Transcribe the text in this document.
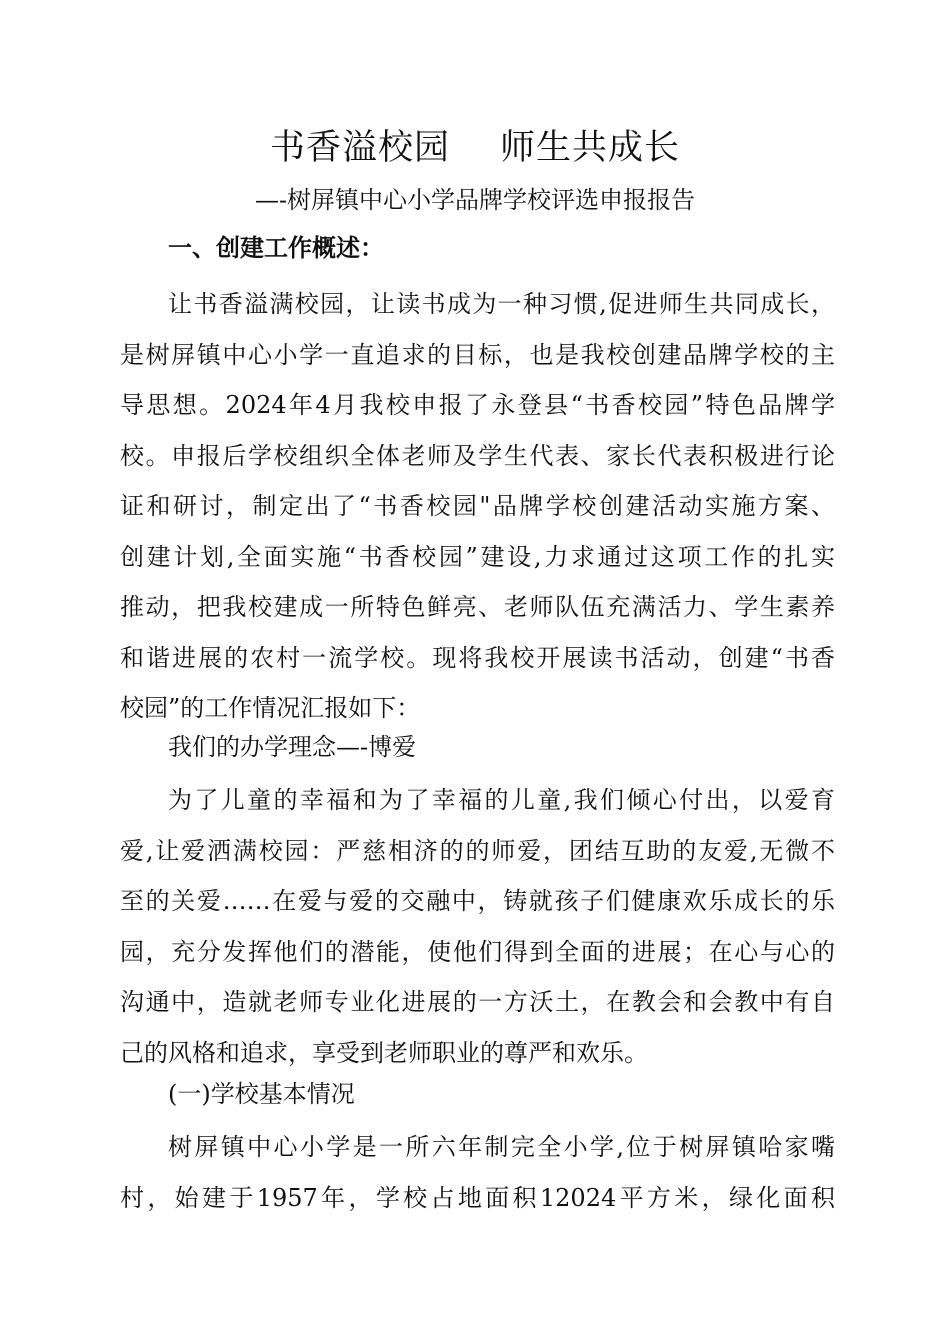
书香溢校园 师生共成长
—-树屏镇中心小学品牌学校评选申报报告
一、创建工作概述：
让书香溢满校园，让读书成为一种习惯,促进师生共同成长，
是树屏镇中心小学一直追求的目标，也是我校创建品牌学校的主
导思想。2024年4月我校申报了永登县“书香校园”特色品牌学
校。申报后学校组织全体老师及学生代表、家长代表积极进行论
证和研讨，制定出了“书香校园"品牌学校创建活动实施方案、
创建计划,全面实施“书香校园”建设,力求通过这项工作的扎实
推动，把我校建成一所特色鲜亮、老师队伍充满活力、学生素养
和谐进展的农村一流学校。现将我校开展读书活动，创建“书香
校园”的工作情况汇报如下：
我们的办学理念—-博爱
为了儿童的幸福和为了幸福的儿童,我们倾心付出，以爱育
爱,让爱洒满校园：严慈相济的的师爱，团结互助的友爱,无微不
至的关爱……在爱与爱的交融中，铸就孩子们健康欢乐成长的乐
园，充分发挥他们的潜能，使他们得到全面的进展；在心与心的
沟通中，造就老师专业化进展的一方沃土，在教会和会教中有自
己的风格和追求，享受到老师职业的尊严和欢乐。
(一)学校基本情况
树屏镇中心小学是一所六年制完全小学,位于树屏镇哈家嘴
村，始建于1957年，学校占地面积12024平方米，绿化面积
